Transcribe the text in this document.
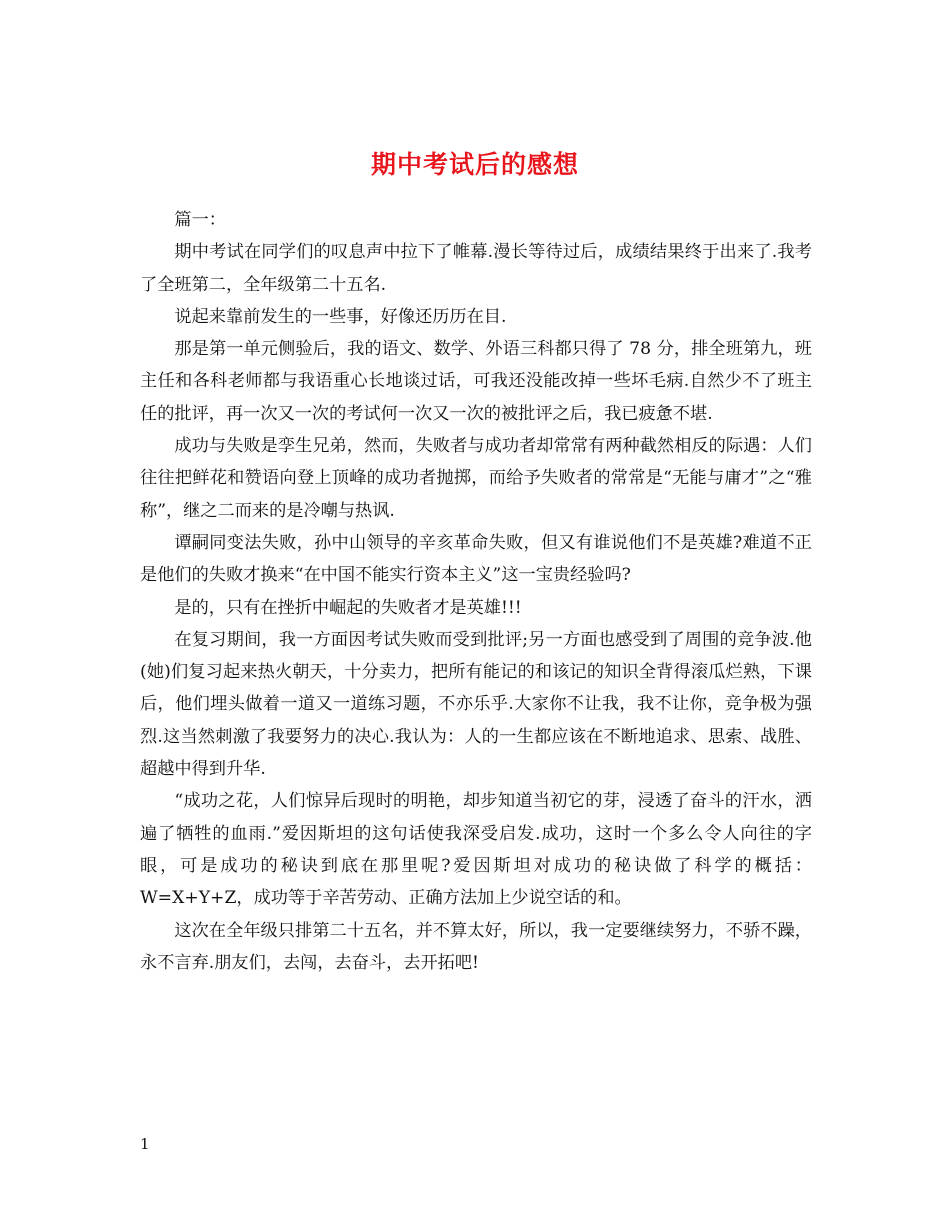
期中考试后的感想

篇一：

期中考试在同学们的叹息声中拉下了帷幕.漫长等待过后，成绩结果终于出来了.我考了全班第二，全年级第二十五名.

说起来靠前发生的一些事，好像还历历在目.

那是第一单元侧验后，我的语文、数学、外语三科都只得了 78 分，排全班第九，班主任和各科老师都与我语重心长地谈过话，可我还没能改掉一些坏毛病.自然少不了班主任的批评，再一次又一次的考试何一次又一次的被批评之后，我已疲惫不堪.

成功与失败是孪生兄弟，然而，失败者与成功者却常常有两种截然相反的际遇：人们往往把鲜花和赞语向登上顶峰的成功者抛掷，而给予失败者的常常是“无能与庸才”之“雅称”，继之二而来的是冷嘲与热讽.

谭嗣同变法失败，孙中山领导的辛亥革命失败，但又有谁说他们不是英雄?难道不正是他们的失败才换来“在中国不能实行资本主义”这一宝贵经验吗?

是的，只有在挫折中崛起的失败者才是英雄!!!

在复习期间，我一方面因考试失败而受到批评;另一方面也感受到了周围的竞争波.他(她)们复习起来热火朝天，十分卖力，把所有能记的和该记的知识全背得滚瓜烂熟，下课后，他们埋头做着一道又一道练习题，不亦乐乎.大家你不让我，我不让你，竞争极为强烈.这当然刺激了我要努力的决心.我认为：人的一生都应该在不断地追求、思索、战胜、超越中得到升华.

“成功之花，人们惊异后现时的明艳，却步知道当初它的芽，浸透了奋斗的汗水，洒遍了牺牲的血雨.”爱因斯坦的这句话使我深受启发.成功，这时一个多么令人向往的字眼，可是成功的秘诀到底在那里呢?爱因斯坦对成功的秘诀做了科学的概括：W=X+Y+Z，成功等于辛苦劳动、正确方法加上少说空话的和。

这次在全年级只排第二十五名，并不算太好，所以，我一定要继续努力，不骄不躁，永不言弃.朋友们，去闯，去奋斗，去开拓吧!

1
